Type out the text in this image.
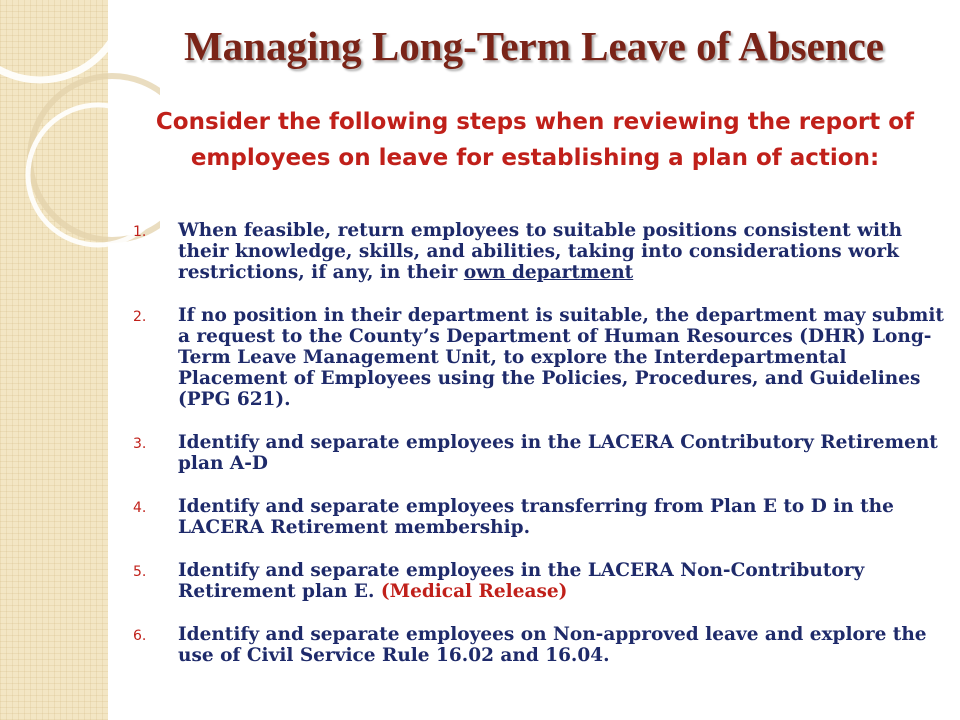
Managing Long-Term Leave of Absence
Consider the following steps when reviewing the report of employees on leave for establishing a plan of action:
1. When feasible, return employees to suitable positions consistent with their knowledge, skills, and abilities, taking into considerations work restrictions, if any, in their own department
2. If no position in their department is suitable, the department may submit a request to the County’s Department of Human Resources (DHR) Long-Term Leave Management Unit, to explore the Interdepartmental Placement of Employees using the Policies, Procedures, and Guidelines (PPG 621).
3. Identify and separate employees in the LACERA Contributory Retirement plan A-D
4. Identify and separate employees transferring from Plan E to D in the LACERA Retirement membership.
5. Identify and separate employees in the LACERA Non-Contributory Retirement plan E. (Medical Release)
6. Identify and separate employees on Non-approved leave and explore the use of Civil Service Rule 16.02 and 16.04.
